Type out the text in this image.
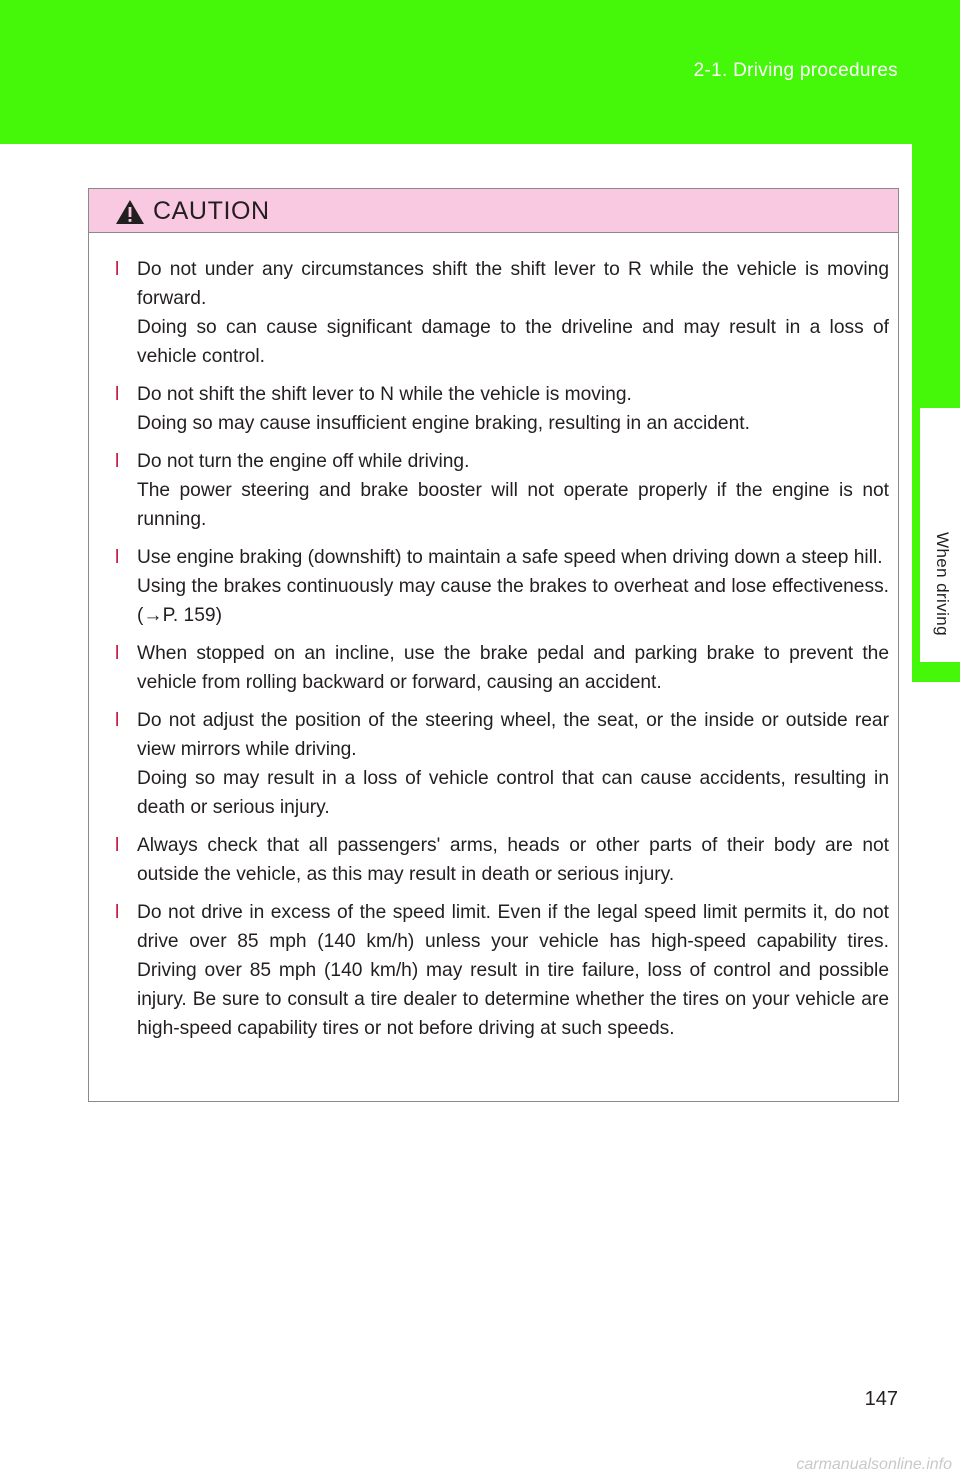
2-1. Driving procedures
2
CAUTION
l Do not under any circumstances shift the shift lever to R while the vehicle is moving forward.
Doing so can cause significant damage to the driveline and may result in a loss of vehicle control.
l Do not shift the shift lever to N while the vehicle is moving.
Doing so may cause insufficient engine braking, resulting in an accident.
l Do not turn the engine off while driving.
The power steering and brake booster will not operate properly if the engine is not running.
l Use engine braking (downshift) to maintain a safe speed when driving down a steep hill.
Using the brakes continuously may cause the brakes to overheat and lose effectiveness. (→P. 159)
l When stopped on an incline, use the brake pedal and parking brake to prevent the vehicle from rolling backward or forward, causing an accident.
l Do not adjust the position of the steering wheel, the seat, or the inside or outside rear view mirrors while driving.
Doing so may result in a loss of vehicle control that can cause accidents, resulting in death or serious injury.
l Always check that all passengers' arms, heads or other parts of their body are not outside the vehicle, as this may result in death or serious injury.
l Do not drive in excess of the speed limit. Even if the legal speed limit permits it, do not drive over 85 mph (140 km/h) unless your vehicle has high-speed capability tires. Driving over 85 mph (140 km/h) may result in tire failure, loss of control and possible injury. Be sure to consult a tire dealer to determine whether the tires on your vehicle are high-speed capability tires or not before driving at such speeds.
147
carmanualsonline.info
When driving
